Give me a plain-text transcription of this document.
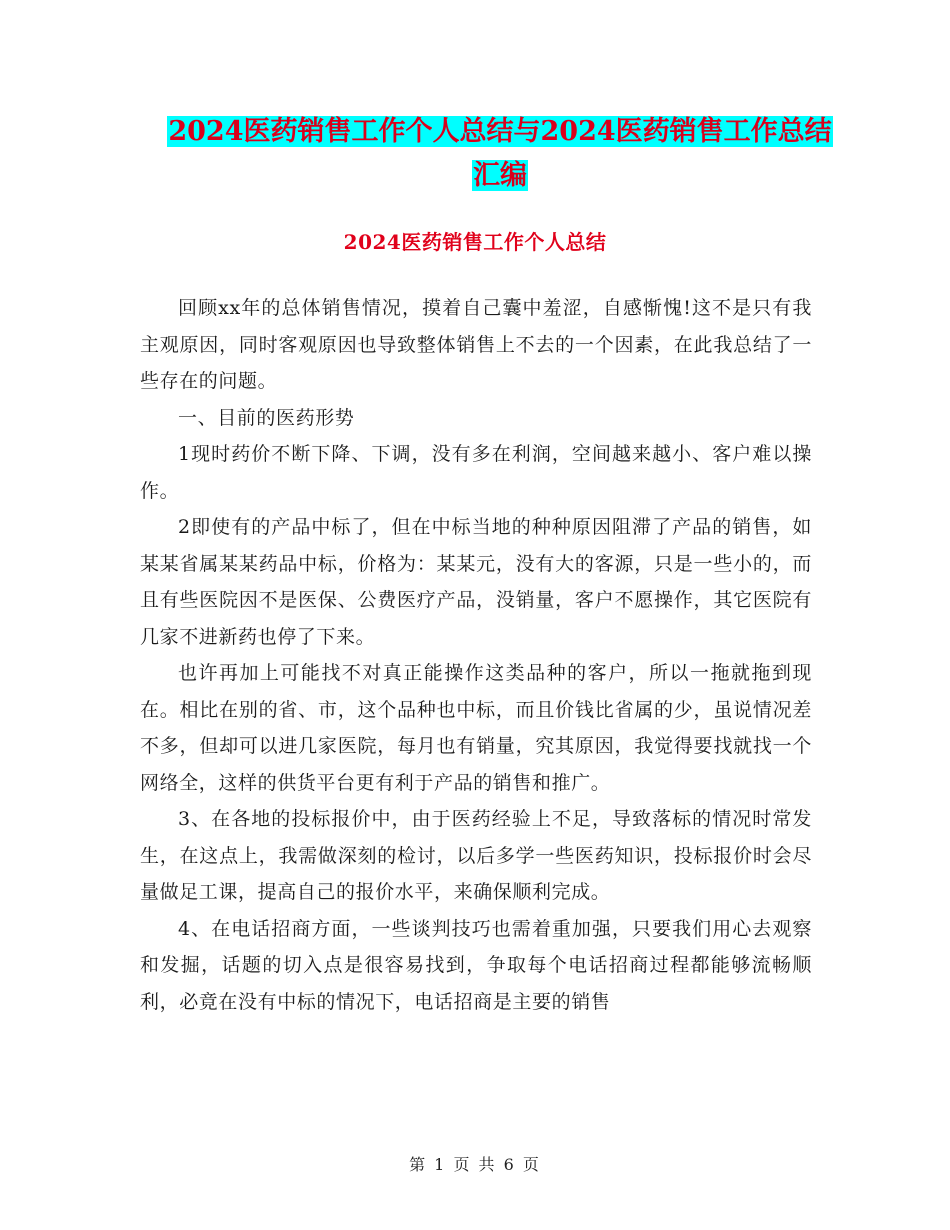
2024医药销售工作个人总结与2024医药销售工作总结
汇编
2024医药销售工作个人总结

回顾xx年的总体销售情况，摸着自己囊中羞涩，自感惭愧!这不是只有我主观原因，同时客观原因也导致整体销售上不去的一个因素，在此我总结了一些存在的问题。

一、目前的医药形势

1现时药价不断下降、下调，没有多在利润，空间越来越小、客户难以操作。

2即使有的产品中标了，但在中标当地的种种原因阻滞了产品的销售，如某某省属某某药品中标，价格为：某某元，没有大的客源，只是一些小的，而且有些医院因不是医保、公费医疗产品，没销量，客户不愿操作，其它医院有几家不进新药也停了下来。

也许再加上可能找不对真正能操作这类品种的客户，所以一拖就拖到现在。相比在别的省、市，这个品种也中标，而且价钱比省属的少，虽说情况差不多，但却可以进几家医院，每月也有销量，究其原因，我觉得要找就找一个网络全，这样的供货平台更有利于产品的销售和推广。

3、在各地的投标报价中，由于医药经验上不足，导致落标的情况时常发生，在这点上，我需做深刻的检讨，以后多学一些医药知识，投标报价时会尽量做足工课，提高自己的报价水平，来确保顺利完成。

4、在电话招商方面，一些谈判技巧也需着重加强，只要我们用心去观察和发掘，话题的切入点是很容易找到，争取每个电话招商过程都能够流畅顺利，必竟在没有中标的情况下，电话招商是主要的销售

第 1 页 共 6 页
